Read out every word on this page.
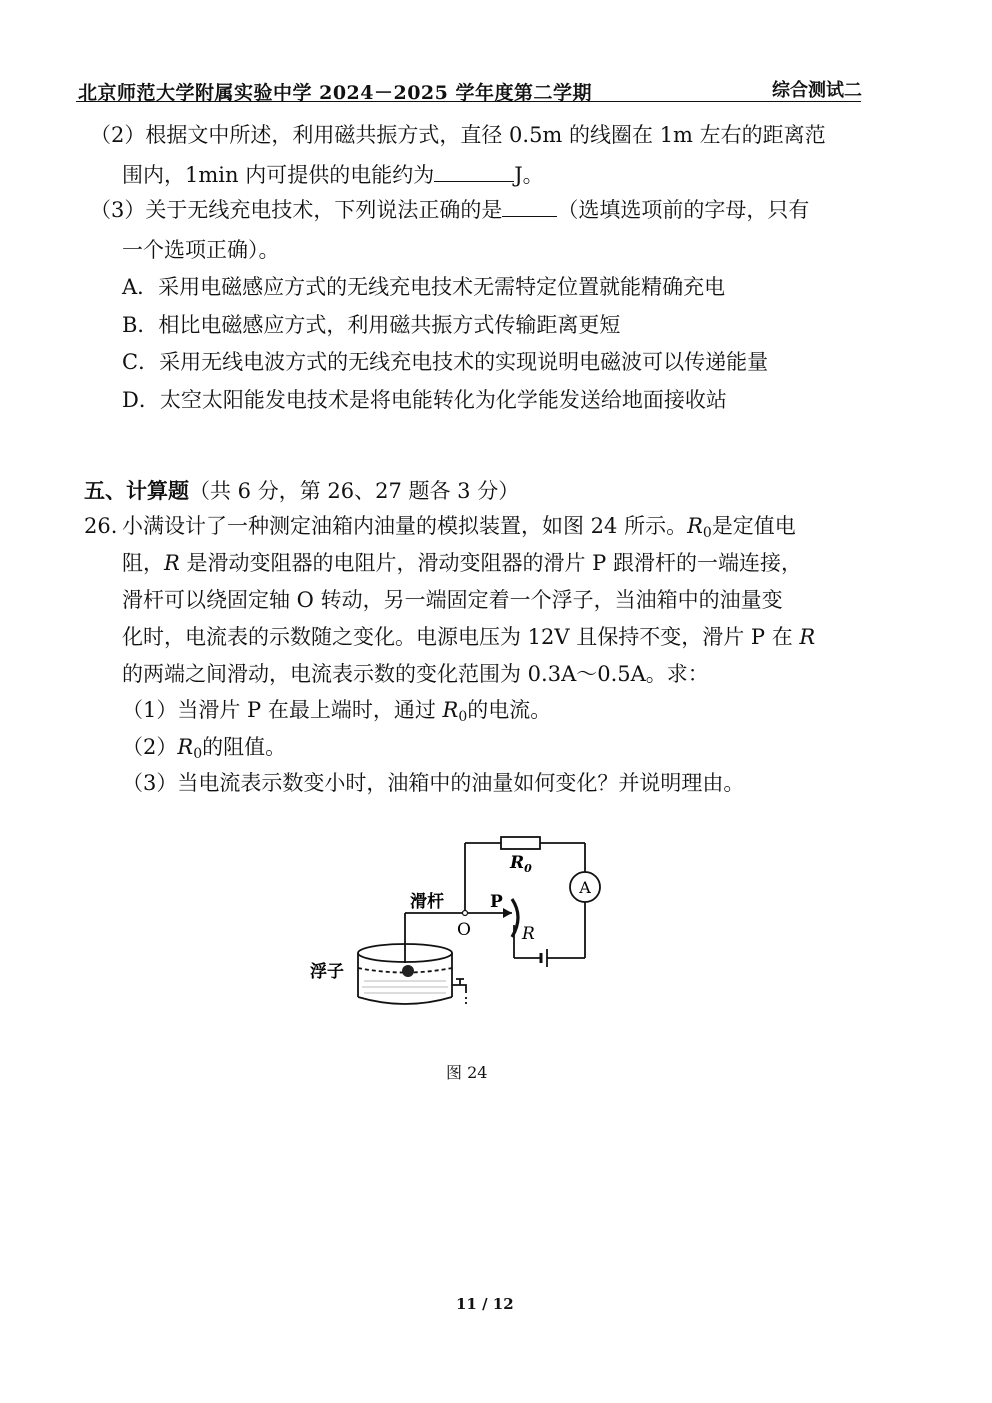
北京师范大学附属实验中学 2024－2025 学年度第二学期	综合测试二
（2）根据文中所述，利用磁共振方式，直径 0.5m 的线圈在 1m 左右的距离范
围内，1min 内可提供的电能约为	J。
（3）关于无线充电技术，下列说法正确的是	（选填选项前的字母，只有
一个选项正确）。
A．采用电磁感应方式的无线充电技术无需特定位置就能精确充电
B．相比电磁感应方式，利用磁共振方式传输距离更短
C．采用无线电波方式的无线充电技术的实现说明电磁波可以传递能量
D．太空太阳能发电技术是将电能转化为化学能发送给地面接收站
五、计算题（共 6 分，第 26、27 题各 3 分）
26. 小满设计了一种测定油箱内油量的模拟装置，如图 24 所示。$R_0$是定值电
阻，R 是滑动变阻器的电阻片，滑动变阻器的滑片 P 跟滑杆的一端连接，
滑杆可以绕固定轴 O 转动，另一端固定着一个浮子，当油箱中的油量变
化时，电流表的示数随之变化。电源电压为 12V 且保持不变，滑片 P 在 R
的两端之间滑动，电流表示数的变化范围为 0.3A～0.5A。求：
（1）当滑片 P 在最上端时，通过 $R_0$的电流。
$(2)R_0$的阻值。
（3）当电流表示数变小时，油箱中的油量如何变化？并说明理由。
$R_0$
A
滑杆	P
O	R
浮子
图 24
11 / 12
